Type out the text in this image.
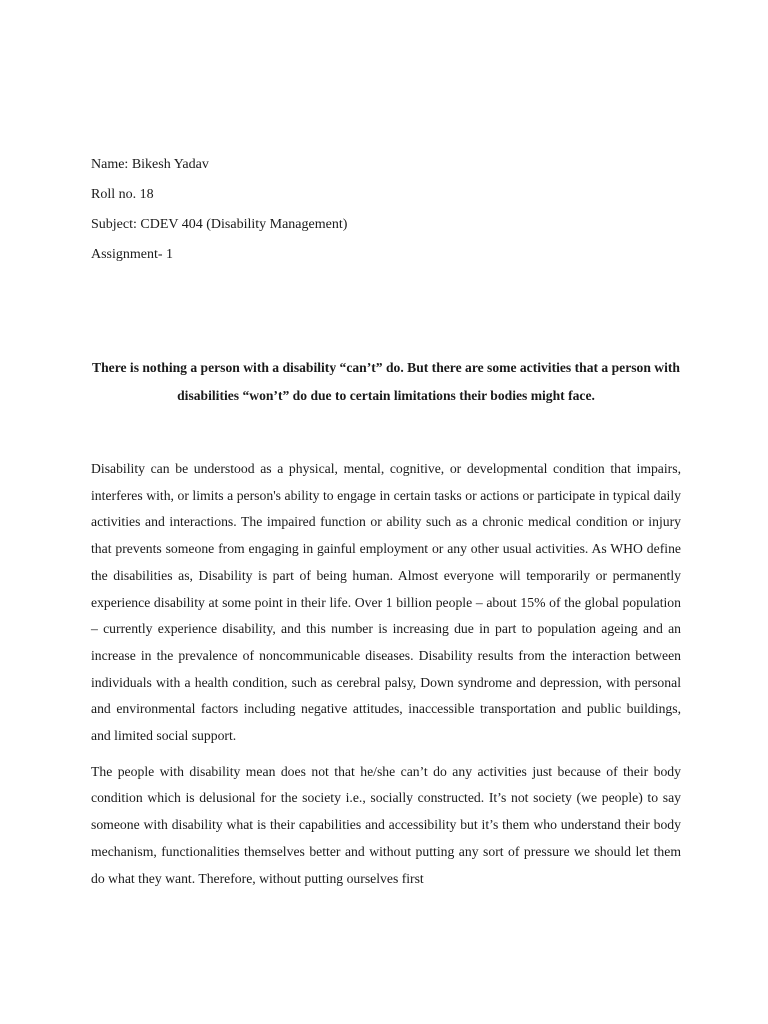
Name: Bikesh Yadav
Roll no. 18
Subject: CDEV 404 (Disability Management)
Assignment- 1
There is nothing a person with a disability “can’t” do. But there are some activities that a person with disabilities “won’t” do due to certain limitations their bodies might face.

Disability can be understood as a physical, mental, cognitive, or developmental condition that impairs, interferes with, or limits a person's ability to engage in certain tasks or actions or participate in typical daily activities and interactions. The impaired function or ability such as a chronic medical condition or injury that prevents someone from engaging in gainful employment or any other usual activities. As WHO define the disabilities as, Disability is part of being human. Almost everyone will temporarily or permanently experience disability at some point in their life. Over 1 billion people – about 15% of the global population – currently experience disability, and this number is increasing due in part to population ageing and an increase in the prevalence of noncommunicable diseases. Disability results from the interaction between individuals with a health condition, such as cerebral palsy, Down syndrome and depression, with personal and environmental factors including negative attitudes, inaccessible transportation and public buildings, and limited social support.

The people with disability mean does not that he/she can’t do any activities just because of their body condition which is delusional for the society i.e., socially constructed. It’s not society (we people) to say someone with disability what is their capabilities and accessibility but it’s them who understand their body mechanism, functionalities themselves better and without putting any sort of pressure we should let them do what they want. Therefore, without putting ourselves first
